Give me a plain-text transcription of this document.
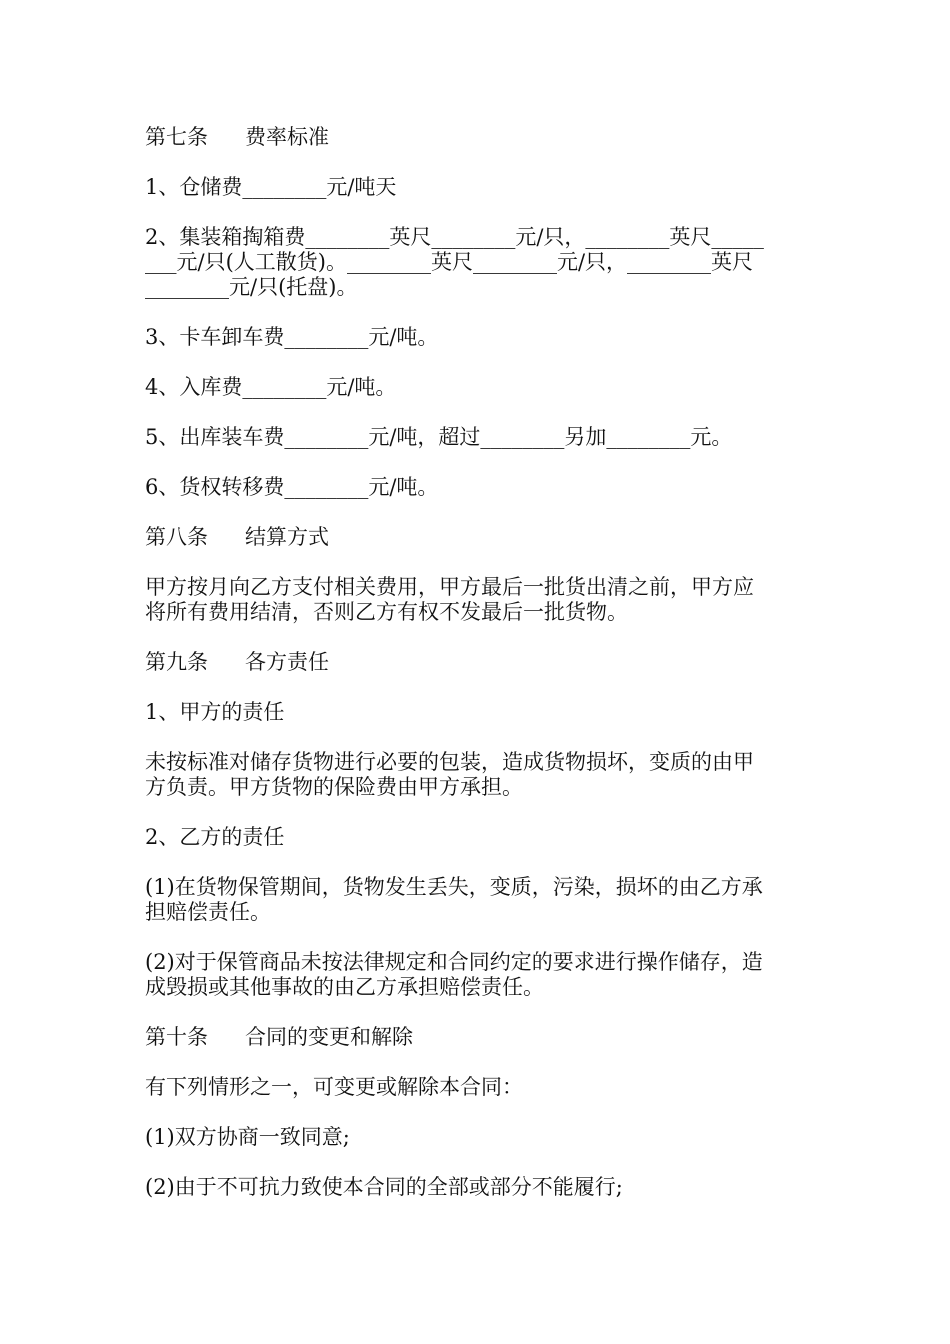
第七条 费率标准
1、仓储费________元/吨天
2、集装箱掏箱费________英尺________元/只，________英尺_____
___元/只(人工散货)。________英尺________元/只，________英尺
________元/只(托盘)。
3、卡车卸车费________元/吨。
4、入库费________元/吨。
5、出库装车费________元/吨，超过________另加________元。
6、货权转移费________元/吨。
第八条 结算方式
甲方按月向乙方支付相关费用，甲方最后一批货出清之前，甲方应
将所有费用结清，否则乙方有权不发最后一批货物。
第九条 各方责任
1、甲方的责任
未按标准对储存货物进行必要的包装，造成货物损坏，变质的由甲
方负责。甲方货物的保险费由甲方承担。
2、乙方的责任
(1)在货物保管期间，货物发生丢失，变质，污染，损坏的由乙方承
担赔偿责任。
(2)对于保管商品未按法律规定和合同约定的要求进行操作储存，造
成毁损或其他事故的由乙方承担赔偿责任。
第十条 合同的变更和解除
有下列情形之一，可变更或解除本合同：
(1)双方协商一致同意;
(2)由于不可抗力致使本合同的全部或部分不能履行;
